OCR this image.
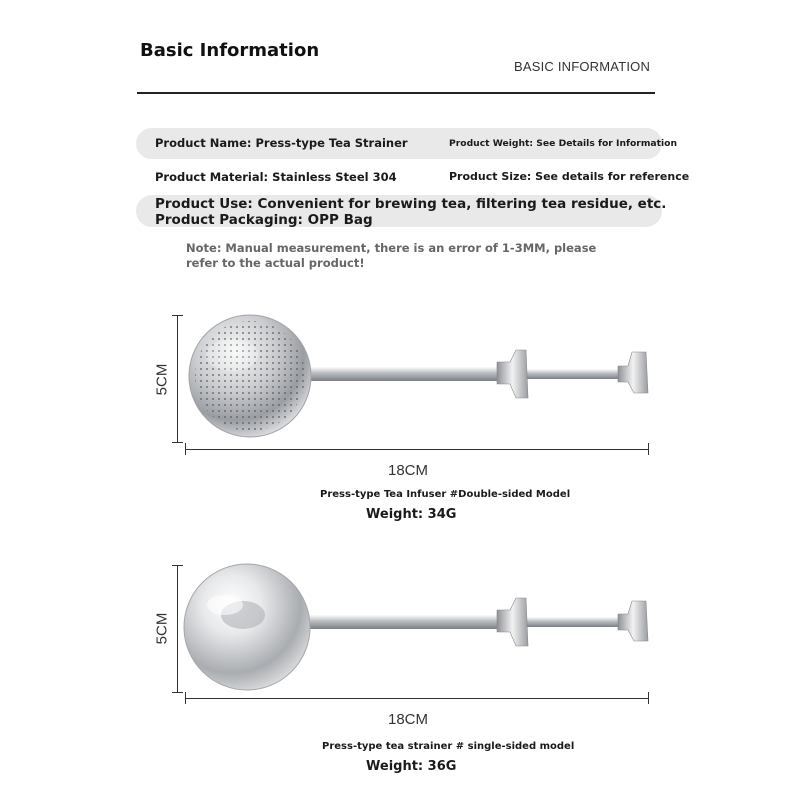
Basic Information
BASIC INFORMATION
Product Name: Press-type Tea Strainer	Product Weight: See Details for Information
Product Material: Stainless Steel 304	Product Size: See details for reference
Product Use: Convenient for brewing tea, filtering tea residue, etc.
Product Packaging: OPP Bag
Note: Manual measurement, there is an error of 1-3MM, please refer to the actual product!
5CM
18CM
Press-type Tea Infuser #Double-sided Model
Weight: 34G
5CM
18CM
Press-type tea strainer # single-sided model
Weight: 36G
